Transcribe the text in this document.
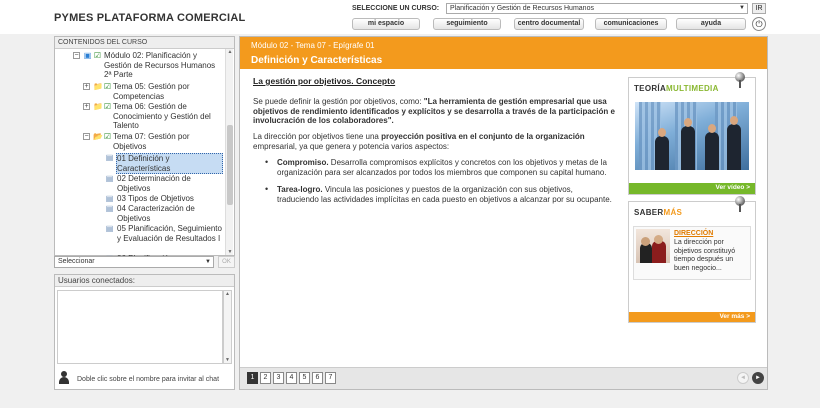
PYMES PLATAFORMA COMERCIAL
SELECCIONE UN CURSO:	Planificación y Gestión de Recursos Humanos	▼	IR
mi espacio	seguimiento	centro documental	comunicaciones	ayuda	⏻
CONTENIDOS DEL CURSO
− ▣ ☑ Módulo 02: Planificación y Gestión de Recursos Humanos 2ª Parte
+ 📁 ☑ Tema 05: Gestión por Competencias
+ 📁 ☑ Tema 06: Gestión de Conocimiento y Gestión del Talento
− 📂 ☑ Tema 07: Gestión por Objetivos
▤ 01 Definición y Características
▤ 02 Determinación de Objetivos
▤ 03 Tipos de Objetivos
▤ 04 Caracterización de Objetivos
▤ 05 Planificación, Seguimiento y Evaluación de Resultados I
▲
▼
Seleccionar	▼	OK
Usuarios conectados:
▲
▼
Doble clic sobre el nombre para invitar al chat
Módulo 02 - Tema 07 - Epígrafe 01
Definición y Características
La gestión por objetivos. Concepto

Se puede definir la gestión por objetivos, como: "La herramienta de gestión empresarial que usa objetivos de rendimiento identificados y explícitos y se desarrolla a través de la participación e involucración de los colaboradores".

La dirección por objetivos tiene una proyección positiva en el conjunto de la organización empresarial, ya que genera y potencia varios aspectos:

• Compromiso. Desarrolla compromisos explícitos y concretos con los objetivos y metas de la organización para ser alcanzados por todos los miembros que componen su capital humano.
• Tarea-logro. Vincula las posiciones y puestos de la organización con sus objetivos, traduciendo las actividades implícitas en cada puesto en objetivos a alcanzar por su ocupante.
TEORÍAMULTIMEDIA
Ver vídeo >
SABERMÁS
DIRECCIÓN
La dirección por objetivos constituyó tiempo después un buen negocio...
Ver más >
1	2	3	4	5	6	7	◄	►
